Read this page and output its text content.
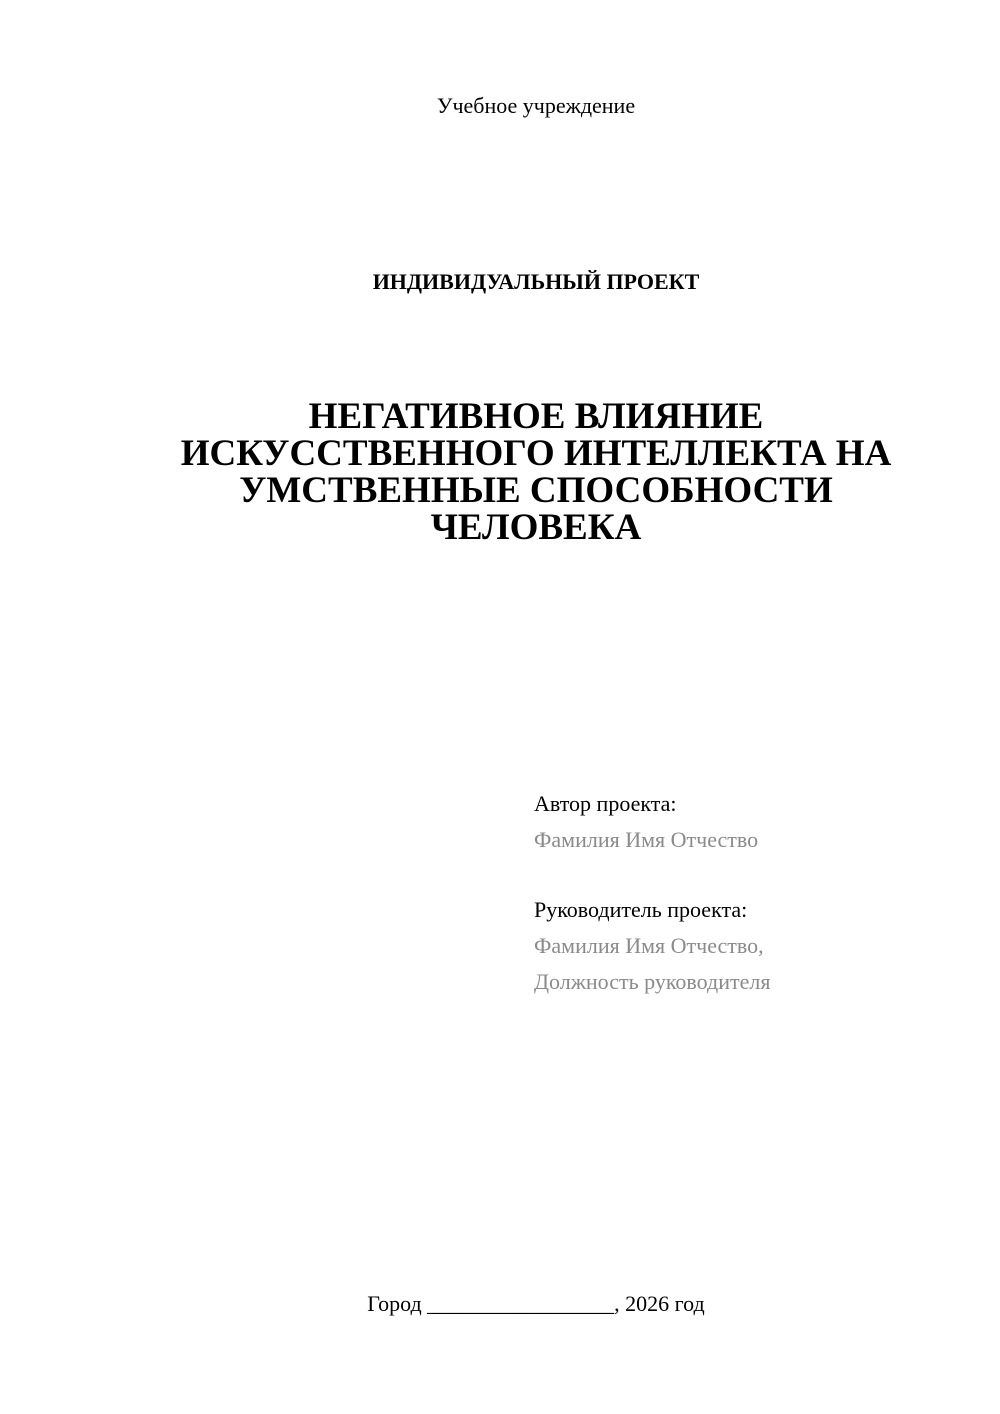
Учебное учреждение
ИНДИВИДУАЛЬНЫЙ ПРОЕКТ
НЕГАТИВНОЕ ВЛИЯНИЕ
ИСКУССТВЕННОГО ИНТЕЛЛЕКТА НА
УМСТВЕННЫЕ СПОСОБНОСТИ
ЧЕЛОВЕКА
Автор проекта:
Фамилия Имя Отчество
Руководитель проекта:
Фамилия Имя Отчество,
Должность руководителя
Город _________________, 2026 год
